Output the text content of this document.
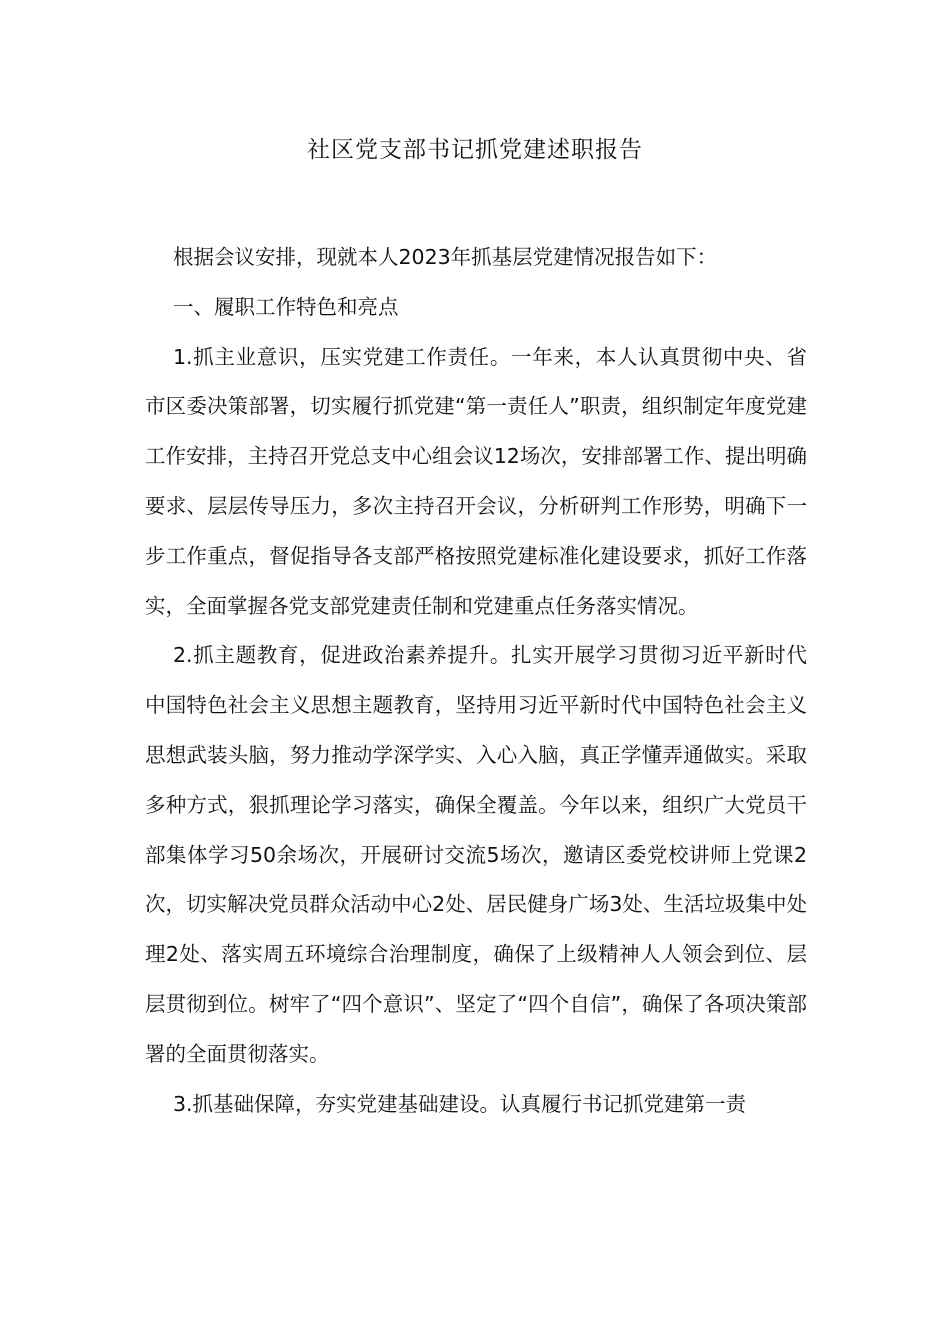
社区党支部书记抓党建述职报告

根据会议安排，现就本人2023年抓基层党建情况报告如下：

一、履职工作特色和亮点

1.抓主业意识，压实党建工作责任。一年来，本人认真贯彻中央、省市区委决策部署，切实履行抓党建“第一责任人”职责，组织制定年度党建工作安排，主持召开党总支中心组会议12场次，安排部署工作、提出明确要求、层层传导压力，多次主持召开会议，分析研判工作形势，明确下一步工作重点，督促指导各支部严格按照党建标准化建设要求，抓好工作落实，全面掌握各党支部党建责任制和党建重点任务落实情况。

2.抓主题教育，促进政治素养提升。扎实开展学习贯彻习近平新时代中国特色社会主义思想主题教育，坚持用习近平新时代中国特色社会主义思想武装头脑，努力推动学深学实、入心入脑，真正学懂弄通做实。采取多种方式，狠抓理论学习落实，确保全覆盖。今年以来，组织广大党员干部集体学习50余场次，开展研讨交流5场次，邀请区委党校讲师上党课2次，切实解决党员群众活动中心2处、居民健身广场3处、生活垃圾集中处理2处、落实周五环境综合治理制度，确保了上级精神人人领会到位、层层贯彻到位。树牢了“四个意识”、坚定了“四个自信”，确保了各项决策部署的全面贯彻落实。

3.抓基础保障，夯实党建基础建设。认真履行书记抓党建第一责
